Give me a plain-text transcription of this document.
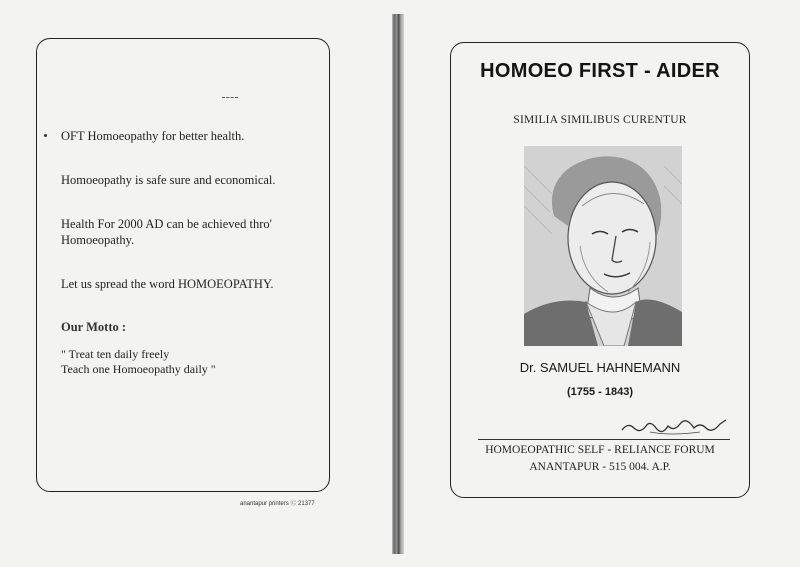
OFT Homoeopathy for better health.
Homoeopathy is safe sure and economical.
Health For 2000 AD can be achieved thro' Homoeopathy.
Let us spread the word HOMOEOPATHY.
Our Motto :
" Treat ten daily freely
Teach one Homoeopathy daily "
anantapur printers Ⓒ 21377
HOMOEO FIRST - AIDER
SIMILIA SIMILIBUS CURENTUR
Dr. SAMUEL HAHNEMANN
(1755 - 1843)
HOMOEOPATHIC SELF - RELIANCE FORUM
ANANTAPUR - 515 004. A.P.
